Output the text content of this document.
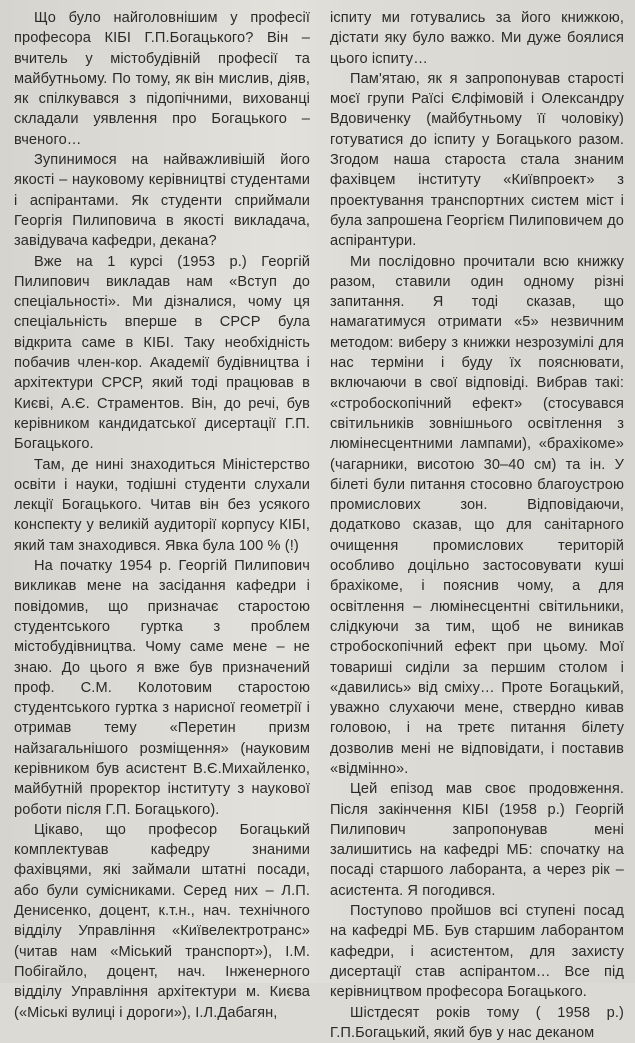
Що було найголовнішим у професії професора КІБІ Г.П.Богацького? Він – вчитель у містобудівній професії та майбутньому. По тому, як він мислив, діяв, як спілкувався з підопічними, вихованці складали уявлення про Богацького – вченого…

Зупинимося на найважливішій його якості – науковому керівництві студентами і аспірантами. Як студенти сприймали Георгія Пилиповича в якості викладача, завідувача кафедри, декана?

Вже на 1 курсі (1953 р.) Георгій Пилипович викладав нам «Вступ до спеціальності». Ми дізналися, чому ця спеціальність вперше в СРСР була відкрита саме в КІБІ. Таку необхідність побачив член-кор. Академії будівництва і архітектури СРСР, який тоді працював в Києві, А.Є. Страментов. Він, до речі, був керівником кандидатської дисертації Г.П. Богацького.

Там, де нині знаходиться Міністерство освіти і науки, тодішні студенти слухали лекції Богацького. Читав він без усякого конспекту у великій аудиторії корпусу КІБІ, який там знаходився. Явка була 100 % (!)

На початку 1954 р. Георгій Пилипович викликав мене на засідання кафедри і повідомив, що призначає старостою студентського гуртка з проблем містобудівництва. Чому саме мене – не знаю. До цього я вже був призначений проф. С.М. Колотовим старостою студентського гуртка з нарисної геометрії і отримав тему «Перетин призм найзагальнішого розміщення» (науковим керівником був асистент В.Є.Михайленко, майбутній проректор інституту з наукової роботи після Г.П. Богацького).

Цікаво, що професор Богацький комплектував кафедру знаними фахівцями, які займали штатні посади, або були сумісниками. Серед них – Л.П. Денисенко, доцент, к.т.н., нач. технічного відділу Управління «Київелектротранс» (читав нам «Міський транспорт»), І.М. Побігайло, доцент, нач. Інженерного відділу Управління архітектури м. Києва («Міські вулиці і дороги»), І.Л.Дабагян,

іспиту ми готувались за його книжкою, дістати яку було важко. Ми дуже боялися цього іспиту…

Пам'ятаю, як я запропонував старості моєї групи Раїсі Єлфімовій і Олександру Вдовиченку (майбутньому її чоловіку) готуватися до іспиту у Богацького разом. Згодом наша староста стала знаним фахівцем інституту «Київпроект» з проектування транспортних систем міст і була запрошена Георгієм Пилиповичем до аспірантури.

Ми послідовно прочитали всю книжку разом, ставили один одному різні запитання. Я тоді сказав, що намагатимуся отримати «5» незвичним методом: виберу з книжки незрозумілі для нас терміни і буду їх пояснювати, включаючи в свої відповіді. Вибрав такі: «стробоскопічний ефект» (стосувався світильників зовнішнього освітлення з люмінесцентними лампами), «брахікоме» (чагарники, висотою 30–40 см) та ін. У білеті були питання стосовно благоустрою промислових зон. Відповідаючи, додатково сказав, що для санітарного очищення промислових територій особливо доцільно застосовувати куші брахікоме, і пояснив чому, а для освітлення – люмінесцентні світильники, слідкуючи за тим, щоб не виникав стробоскопічний ефект при цьому. Мої товариші сиділи за першим столом і «давились» від сміху… Проте Богацький, уважно слухаючи мене, ствердно кивав головою, і на третє питання білету дозволив мені не відповідати, і поставив «відмінно».

Цей епізод мав своє продовження. Після закінчення КІБІ (1958 р.) Георгій Пилипович запропонував мені залишитись на кафедрі МБ: спочатку на посаді старшого лаборанта, а через рік – асистента. Я погодився.

Поступово пройшов всі ступені посад на кафедрі МБ. Був старшим лаборантом кафедри, і асистентом, для захисту дисертації став аспірантом… Все під керівництвом професора Богацького.

Шістдесят років тому ( 1958 р.) Г.П.Богацький, який був у нас деканом
